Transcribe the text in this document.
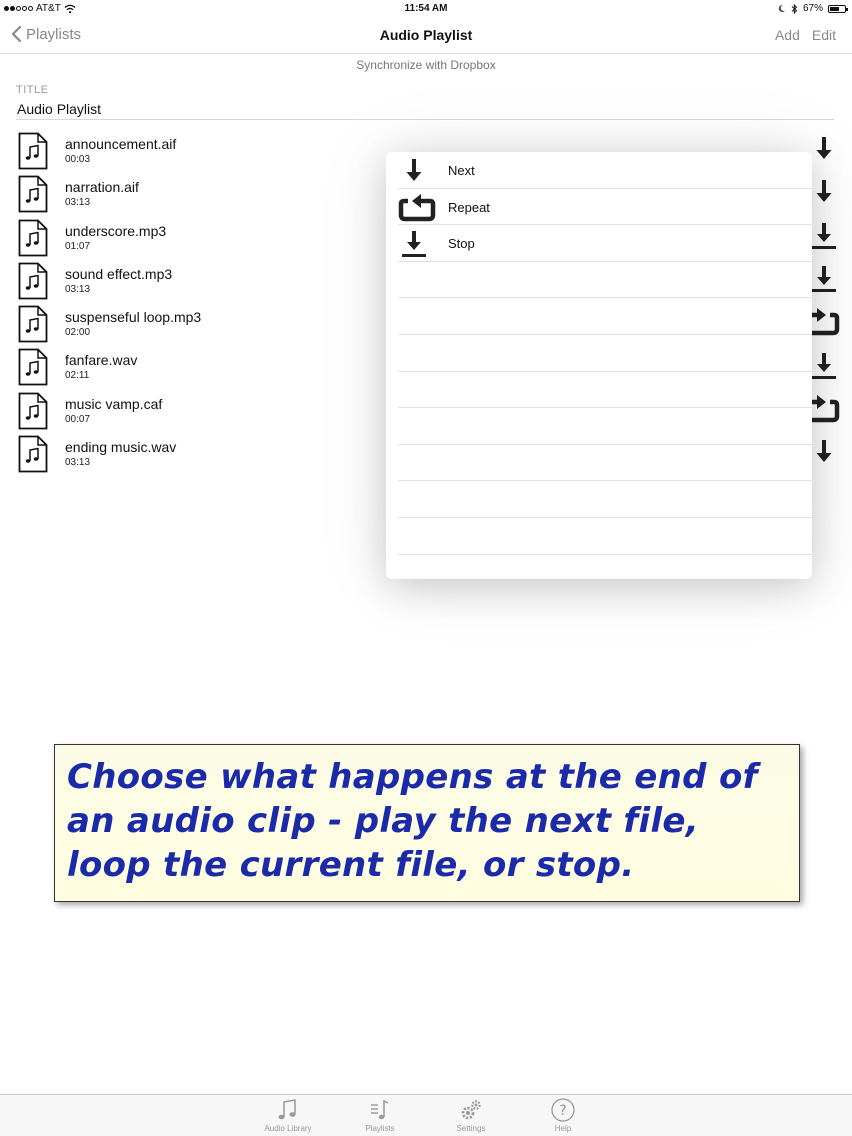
AT&T	11:54 AM	67%
Playlists	Audio Playlist	Add Edit
Synchronize with Dropbox
TITLE
Audio Playlist
announcement.aif
00:03
narration.aif
03:13
underscore.mp3
01:07
sound effect.mp3
03:13
suspenseful loop.mp3
02:00
fanfare.wav
02:11
music vamp.caf
00:07
ending music.wav
03:13
Next
Repeat
Stop
Choose what happens at the end of an audio clip - play the next file, loop the current file, or stop.
Audio Library	Playlists	Settings
?
Help
